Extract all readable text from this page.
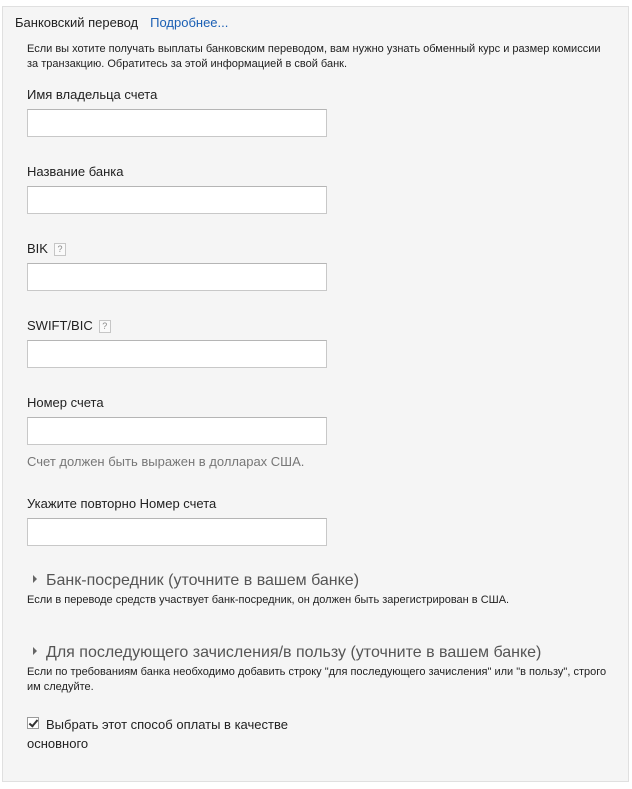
Банковский перевод Подробнее...
Если вы хотите получать выплаты банковским переводом, вам нужно узнать обменный курс и размер комиссии за транзакцию. Обратитесь за этой информацией в свой банк.
Имя владельца счета
Название банка
BIK ?
SWIFT/BIC ?
Номер счета
Счет должен быть выражен в долларах США.
Укажите повторно Номер счета
Банк-посредник (уточните в вашем банке)
Если в переводе средств участвует банк-посредник, он должен быть зарегистрирован в США.
Для последующего зачисления/в пользу (уточните в вашем банке)
Если по требованиям банка необходимо добавить строку "для последующего зачисления" или "в пользу", строго им следуйте.
Выбрать этот способ оплаты в качестве основного
